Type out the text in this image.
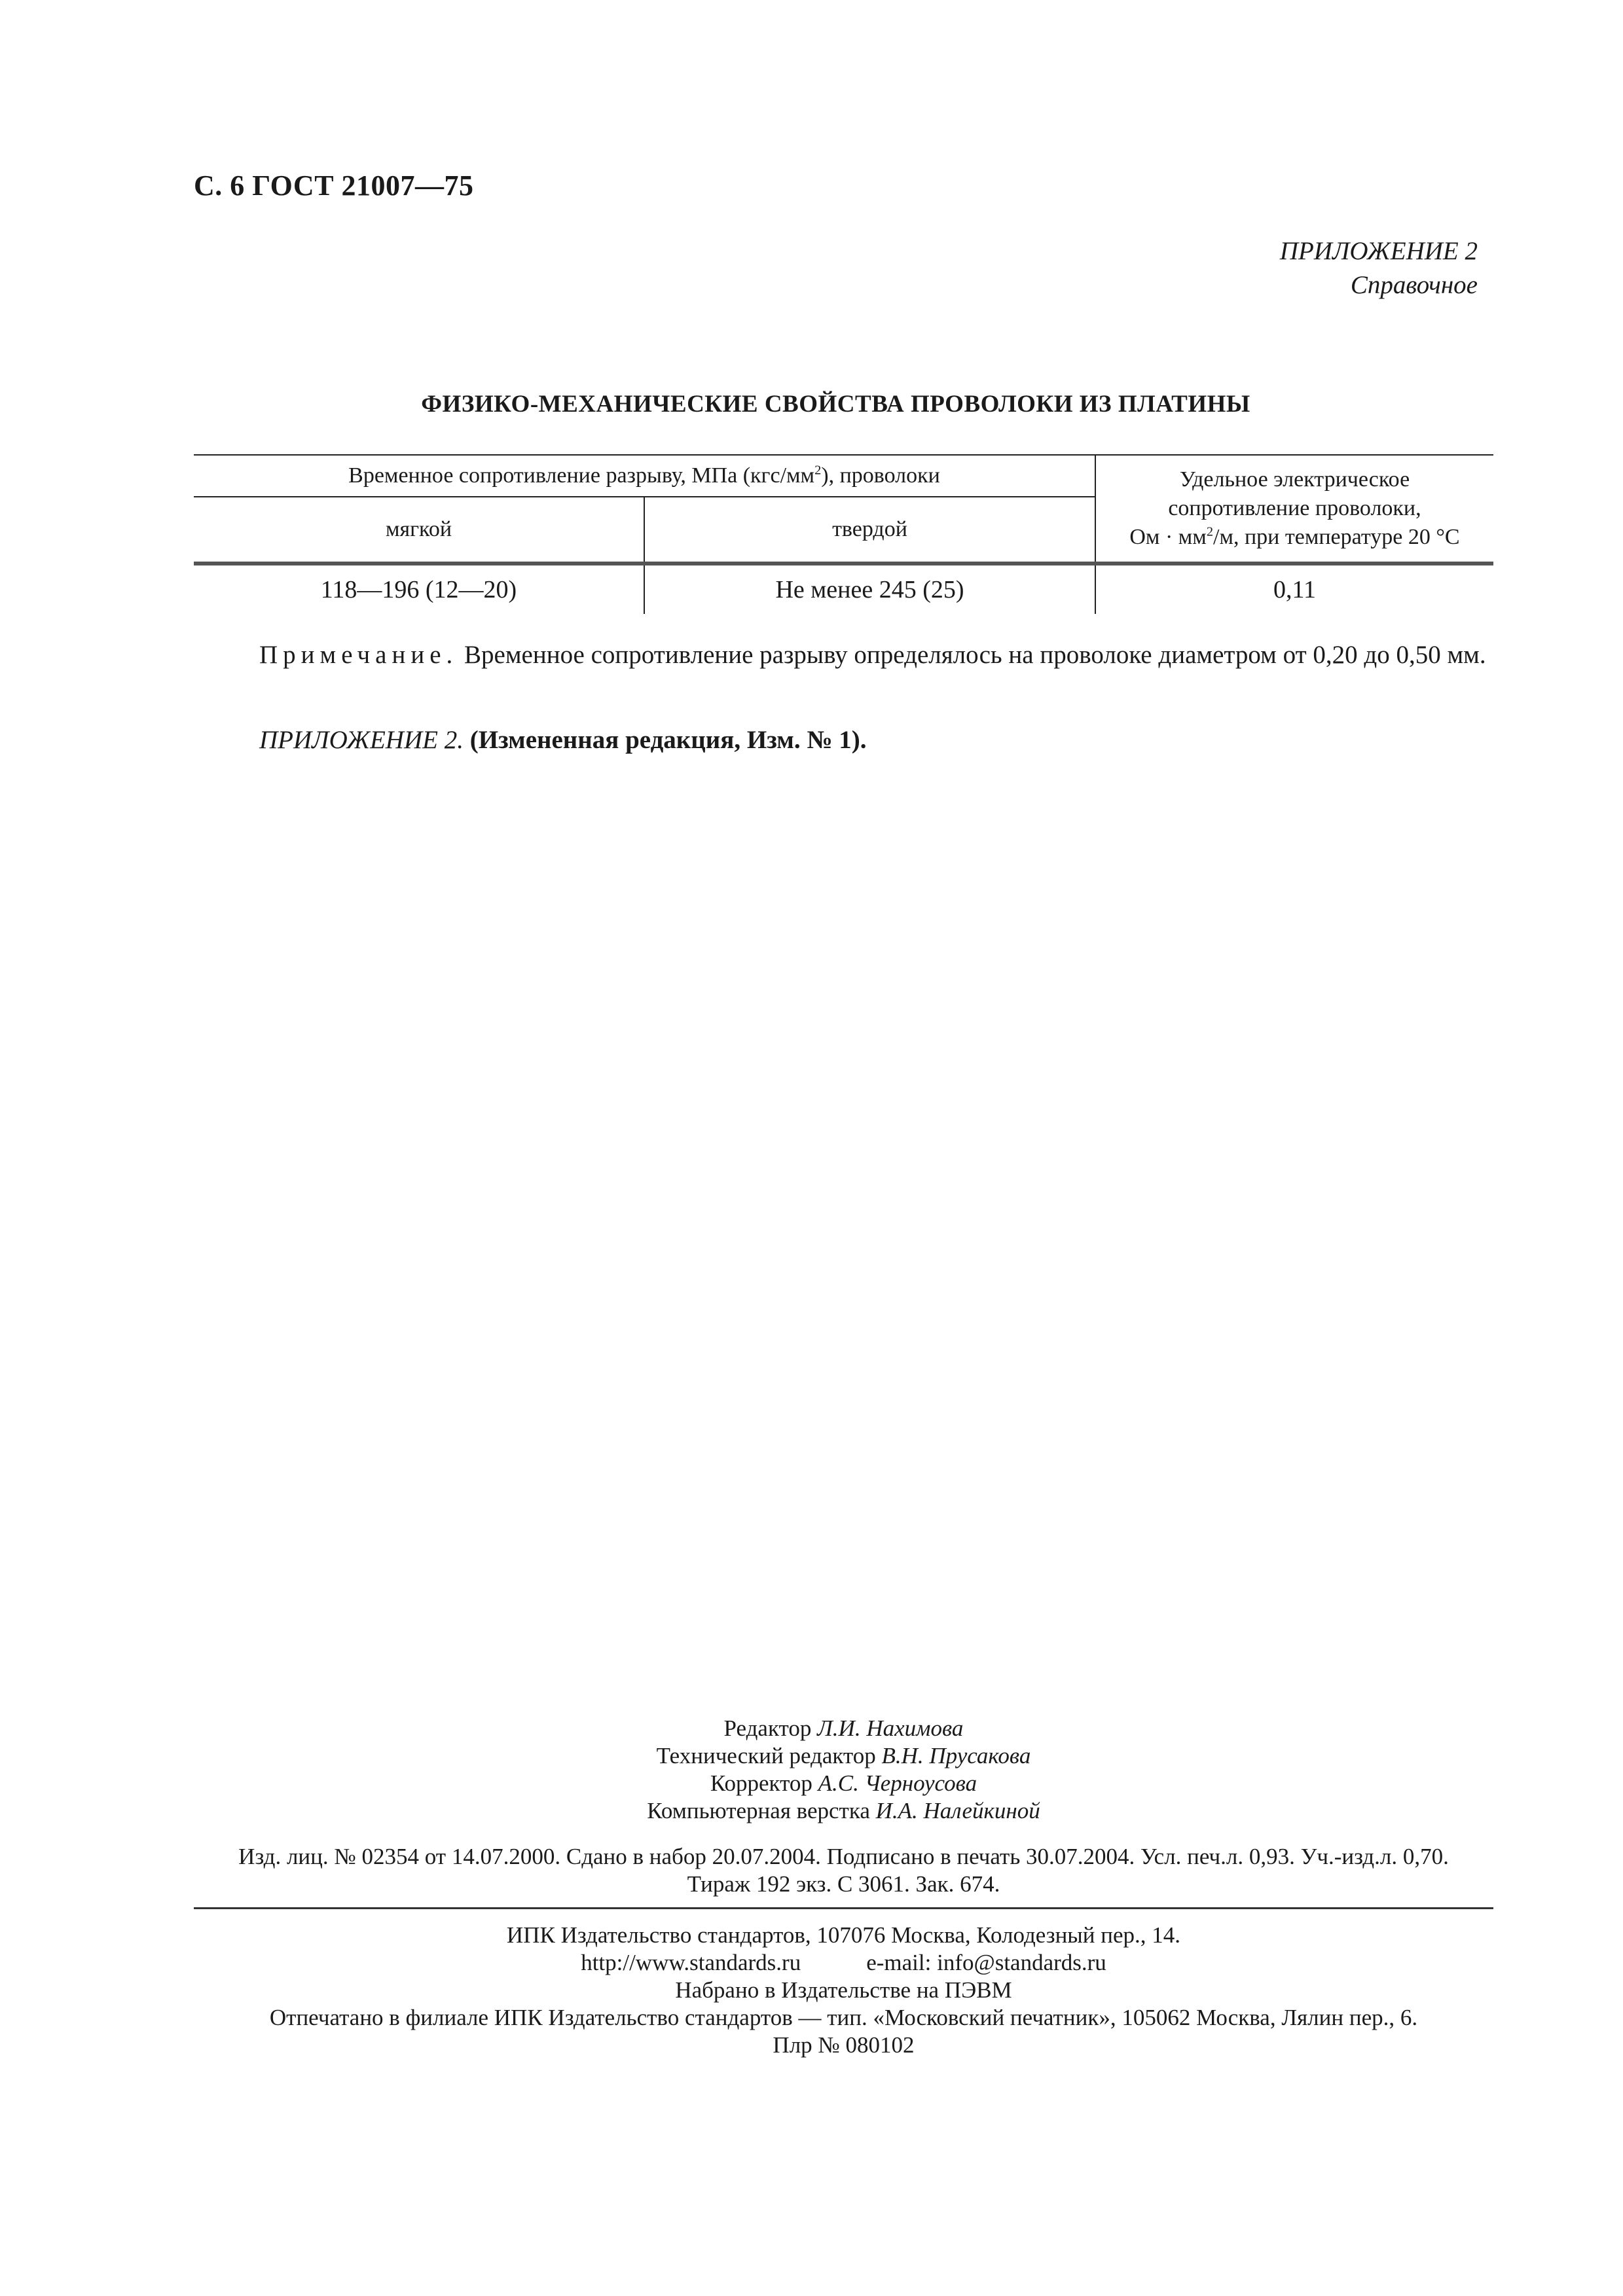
С. 6 ГОСТ 21007—75
ПРИЛОЖЕНИЕ 2
Справочное
ФИЗИКО-МЕХАНИЧЕСКИЕ СВОЙСТВА ПРОВОЛОКИ ИЗ ПЛАТИНЫ
Временное сопротивление разрыву, МПа $(кгс/мм^2)$, проволоки		Удельное электрическое
сопротивление проволоки,
Ом · $мм^2/м$, при температуре 20 °С

мягкой	твердой	
118—196 (12—20)	Не менее 245 (25)	0,11
Примечание. Временное сопротивление разрыву определялось на проволоке диаметром от 0,20 до 0,50 мм.
ПРИЛОЖЕНИЕ 2. (Измененная редакция, Изм. № 1).
Редактор Л.И. Нахимова
Технический редактор В.Н. Прусакова
Корректор А.С. Черноусова
Компьютерная верстка И.А. Налейкиной
Изд. лиц. № 02354 от 14.07.2000. Сдано в набор 20.07.2004. Подписано в печать 30.07.2004. Усл. печ.л. 0,93. Уч.-изд.л. 0,70.
Тираж 192 экз. С 3061. Зак. 674.
ИПК Издательство стандартов, 107076 Москва, Колодезный пер., 14.
http://www.standards.ru	e-mail: info@standards.ru
Набрано в Издательстве на ПЭВМ
Отпечатано в филиале ИПК Издательство стандартов — тип. «Московский печатник», 105062 Москва, Лялин пер., 6.
Плр № 080102
